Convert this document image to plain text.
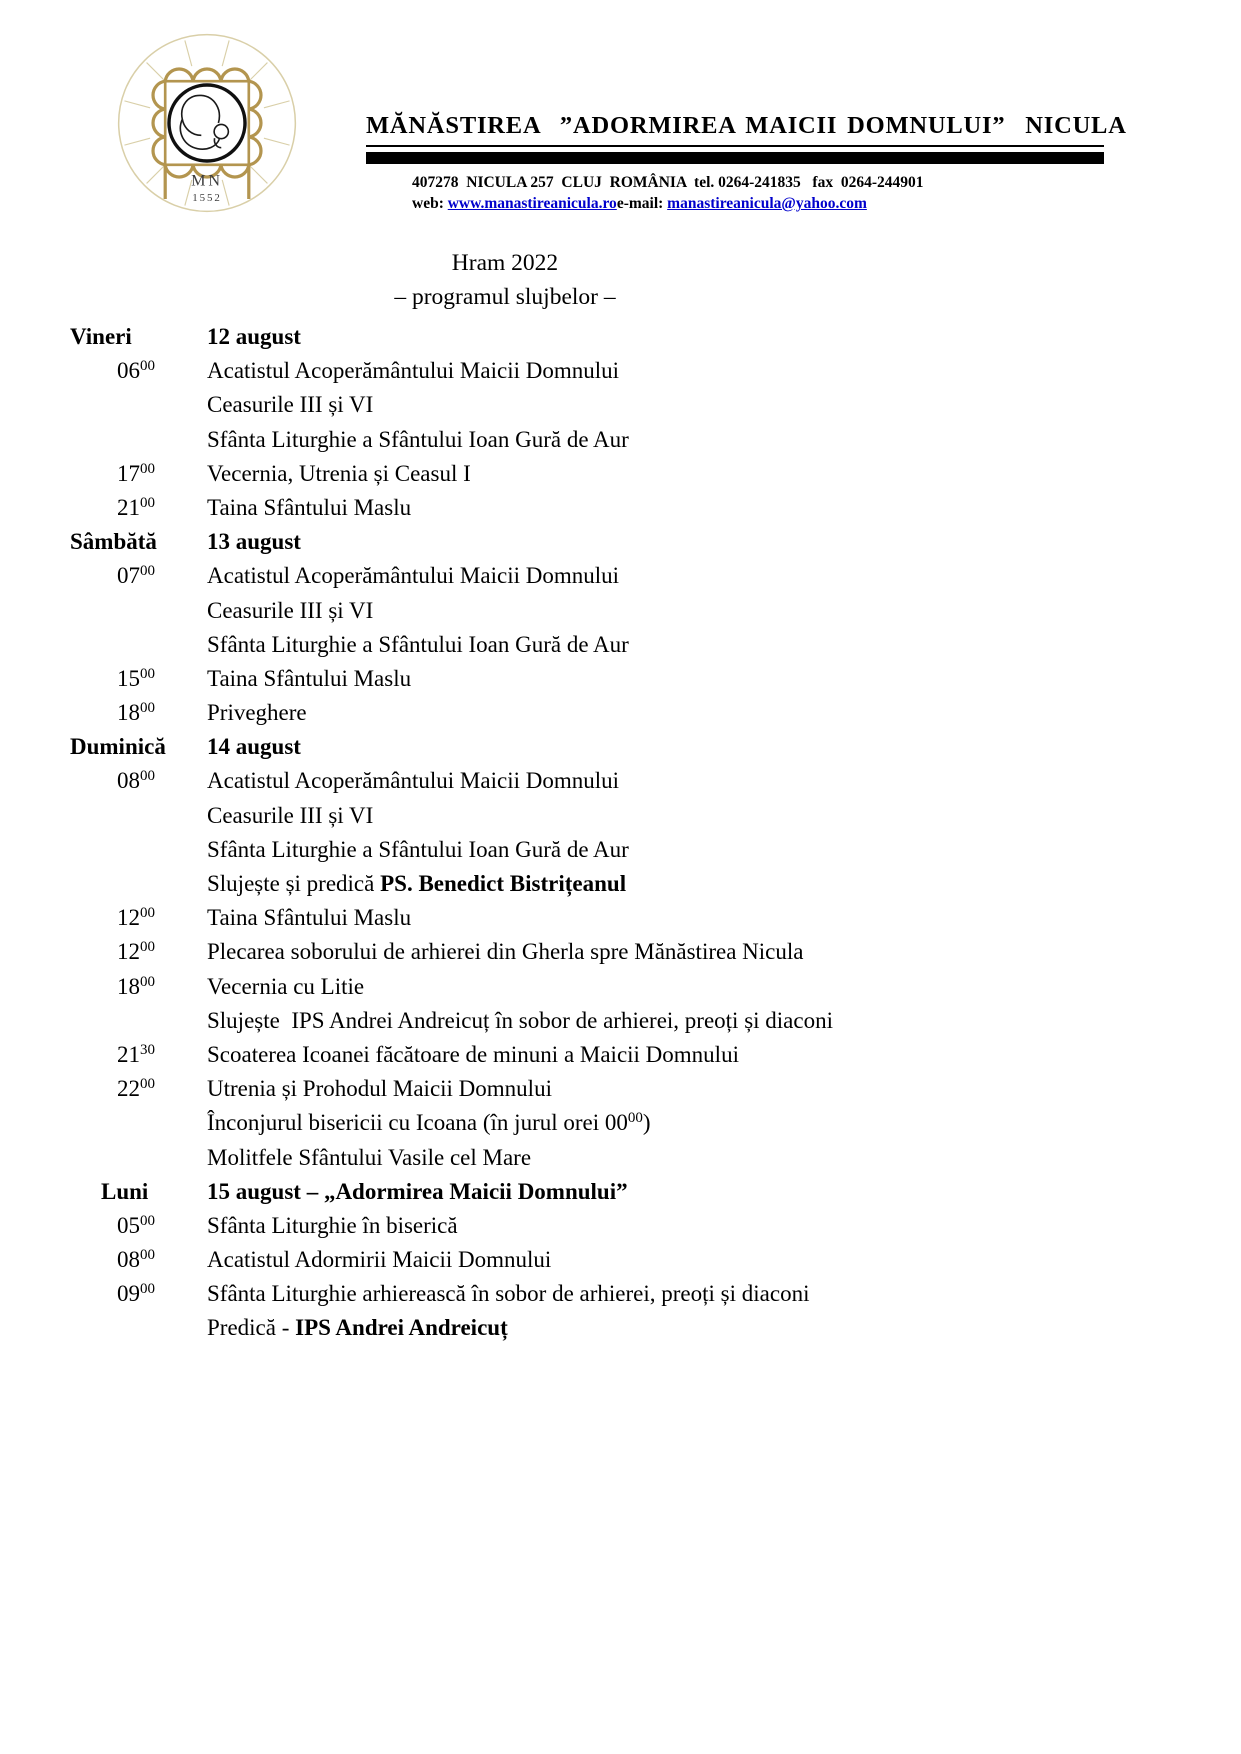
MN
1552
MĂNĂSTIREA  ”ADORMIREA MAICII DOMNULUI”  NICULA
407278  NICULA 257  CLUJ  ROMÂNIA  tel. 0264-241835   fax  0264-244901
web: www.manastireanicula.roe-mail: manastireanicula@yahoo.com
Hram 2022
– programul slujbelor –
Vineri	12 august
$06^{00}$	Acatistul Acoperământului Maicii Domnului
Ceasurile III și VI
Sfânta Liturghie a Sfântului Ioan Gură de Aur
$17^{00}$	Vecernia, Utrenia și Ceasul I
$21^{00}$	Taina Sfântului Maslu
Sâmbătă	13 august
$07^{00}$	Acatistul Acoperământului Maicii Domnului
Ceasurile III și VI
Sfânta Liturghie a Sfântului Ioan Gură de Aur
$15^{00}$	Taina Sfântului Maslu
$18^{00}$	Priveghere
Duminică	14 august
$08^{00}$	Acatistul Acoperământului Maicii Domnului
Ceasurile III și VI
Sfânta Liturghie a Sfântului Ioan Gură de Aur
Slujește și predică PS. Benedict Bistrițeanul
$12^{00}$	Taina Sfântului Maslu
$12^{00}$	Plecarea soborului de arhierei din Gherla spre Mănăstirea Nicula
$18^{00}$	Vecernia cu Litie
Slujește  IPS Andrei Andreicuț în sobor de arhierei, preoți și diaconi
$21^{30}$	Scoaterea Icoanei făcătoare de minuni a Maicii Domnului
$22^{00}$	Utrenia și Prohodul Maicii Domnului
Înconjurul bisericii cu Icoana (în jurul orei $00^{00}$)
Molitfele Sfântului Vasile cel Mare
Luni	15 august – „Adormirea Maicii Domnului”
$05^{00}$	Sfânta Liturghie în biserică
$08^{00}$	Acatistul Adormirii Maicii Domnului
$09^{00}$	Sfânta Liturghie arhierească în sobor de arhierei, preoți și diaconi
Predică - IPS Andrei Andreicuț
